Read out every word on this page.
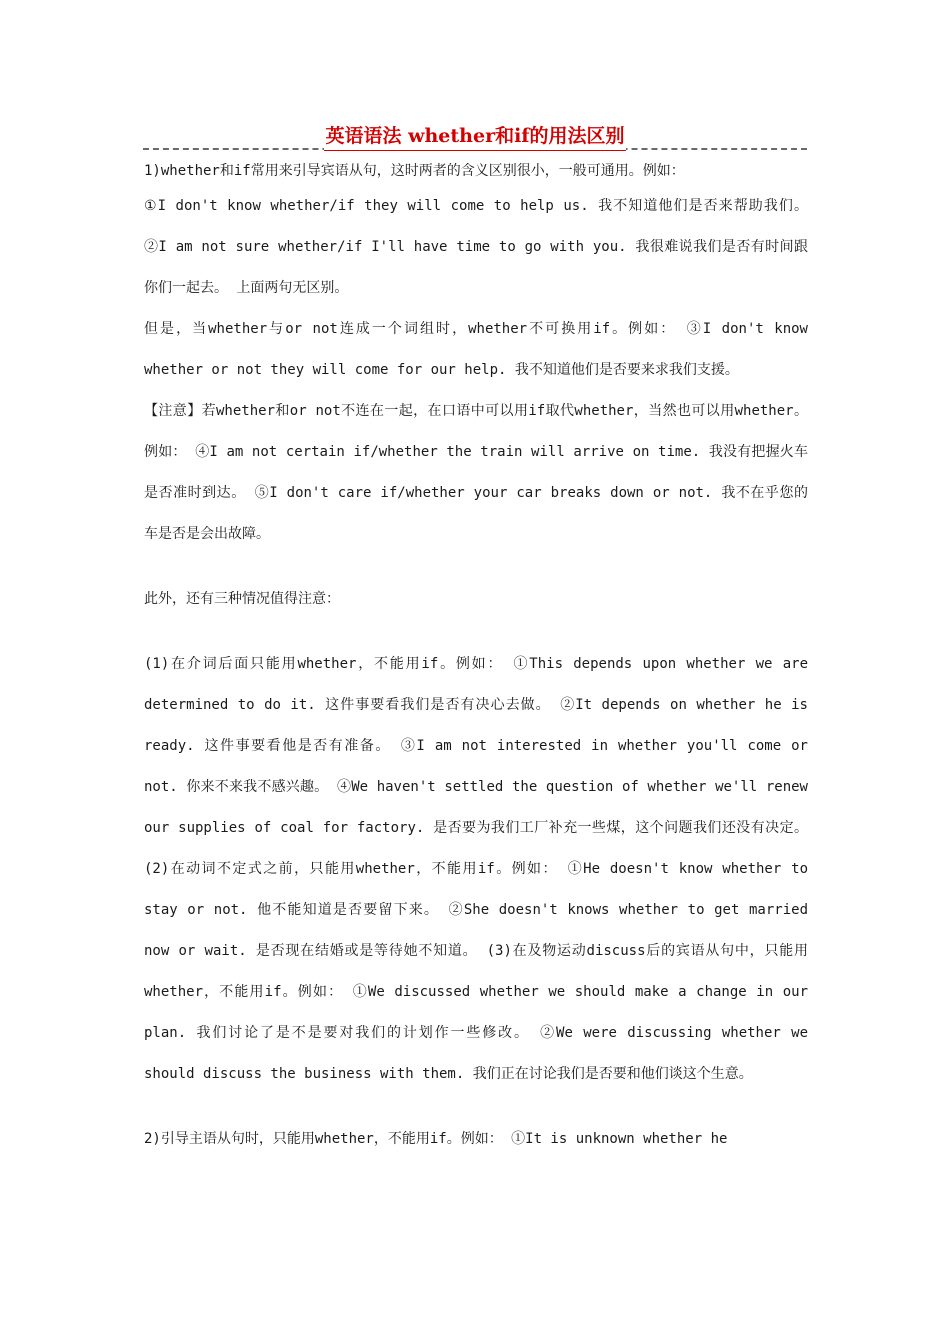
英语语法 whether和if的用法区别

1)whether和if常用来引导宾语从句，这时两者的含义区别很小，一般可通用。例如：

①I don't know whether/if they will come to help us. 我不知道他们是否来帮助我们。 ②I am not sure whether/if I'll have time to go with you. 我很难说我们是否有时间跟你们一起去。 上面两句无区别。

但是，当whether与or not连成一个词组时，whether不可换用if。例如： ③I don't know whether or not they will come for our help. 我不知道他们是否要来求我们支援。

【注意】若whether和or not不连在一起，在口语中可以用if取代whether，当然也可以用whether。例如： ④I am not certain if/whether the train will arrive on time. 我没有把握火车是否准时到达。 ⑤I don't care if/whether your car breaks down or not. 我不在乎您的车是否是会出故障。

此外，还有三种情况值得注意：

(1)在介词后面只能用whether，不能用if。例如： ①This depends upon whether we are determined to do it. 这件事要看我们是否有决心去做。 ②It depends on whether he is ready. 这件事要看他是否有准备。 ③I am not interested in whether you'll come or not. 你来不来我不感兴趣。 ④We haven't settled the question of whether we'll renew our supplies of coal for factory. 是否要为我们工厂补充一些煤，这个问题我们还没有决定。 (2)在动词不定式之前，只能用whether，不能用if。例如： ①He doesn't know whether to stay or not. 他不能知道是否要留下来。 ②She doesn't knows whether to get married now or wait. 是否现在结婚或是等待她不知道。 (3)在及物运动discuss后的宾语从句中，只能用whether，不能用if。例如： ①We discussed whether we should make a change in our plan. 我们讨论了是不是要对我们的计划作一些修改。 ②We were discussing whether we should discuss the business with them. 我们正在讨论我们是否要和他们谈这个生意。

2)引导主语从句时，只能用whether，不能用if。例如： ①It is unknown whether he
